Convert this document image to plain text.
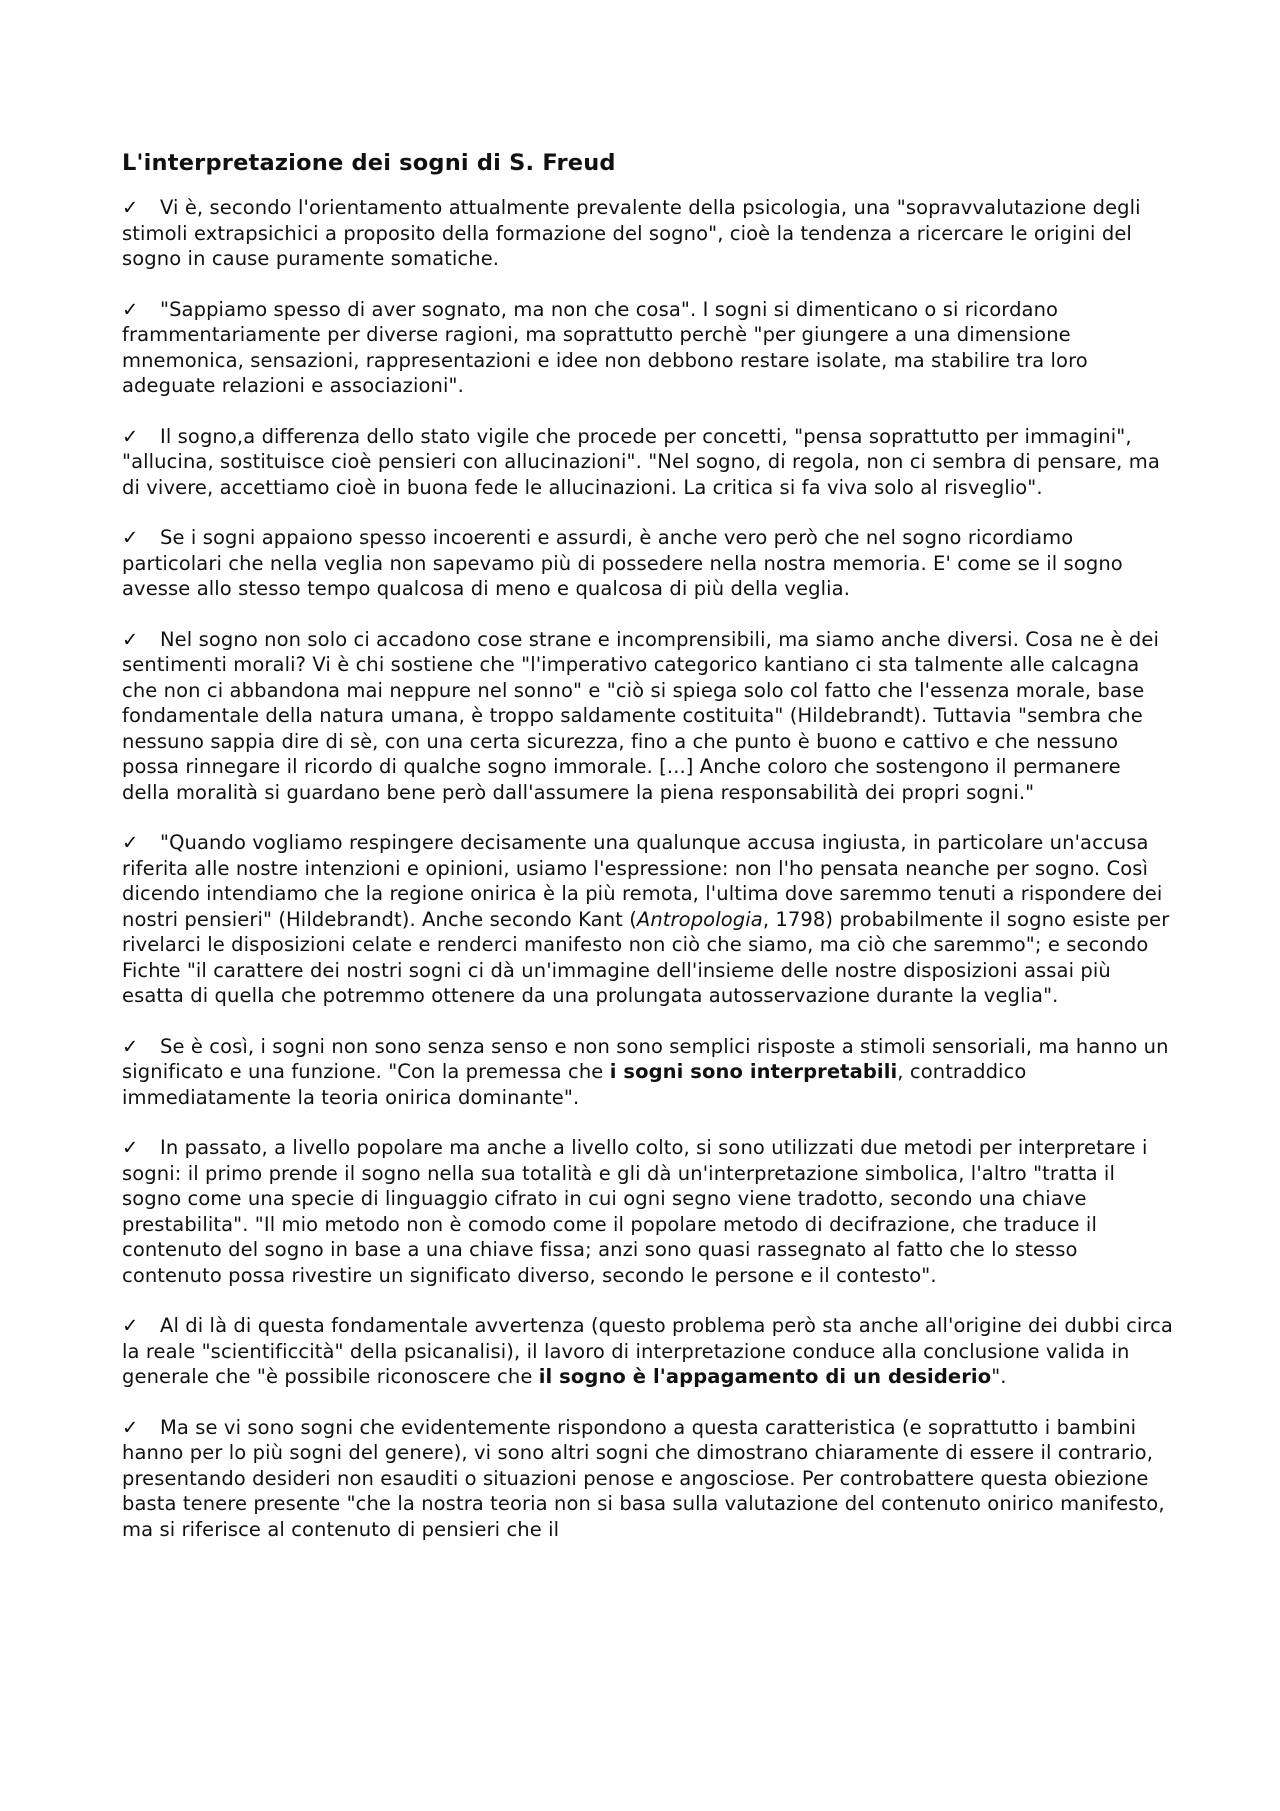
L'interpretazione dei sogni di S. Freud

✓Vi è, secondo l'orientamento attualmente prevalente della psicologia, una "sopravvalutazione degli stimoli extrapsichici a proposito della formazione del sogno", cioè la tendenza a ricercare le origini del sogno in cause puramente somatiche.

✓"Sappiamo spesso di aver sognato, ma non che cosa". I sogni si dimenticano o si ricordano frammentariamente per diverse ragioni, ma soprattutto perchè "per giungere a una dimensione mnemonica, sensazioni, rappresentazioni e idee non debbono restare isolate, ma stabilire tra loro adeguate relazioni e associazioni".

✓Il sogno,a differenza dello stato vigile che procede per concetti, "pensa soprattutto per immagini", "allucina, sostituisce cioè pensieri con allucinazioni". "Nel sogno, di regola, non ci sembra di pensare, ma di vivere, accettiamo cioè in buona fede le allucinazioni. La critica si fa viva solo al risveglio".

✓Se i sogni appaiono spesso incoerenti e assurdi, è anche vero però che nel sogno ricordiamo particolari che nella veglia non sapevamo più di possedere nella nostra memoria. E' come se il sogno avesse allo stesso tempo qualcosa di meno e qualcosa di più della veglia.

✓Nel sogno non solo ci accadono cose strane e incomprensibili, ma siamo anche diversi. Cosa ne è dei sentimenti morali? Vi è chi sostiene che "l'imperativo categorico kantiano ci sta talmente alle calcagna che non ci abbandona mai neppure nel sonno" e "ciò si spiega solo col fatto che l'essenza morale, base fondamentale della natura umana, è troppo saldamente costituita" (Hildebrandt). Tuttavia "sembra che nessuno sappia dire di sè, con una certa sicurezza, fino a che punto è buono e cattivo e che nessuno possa rinnegare il ricordo di qualche sogno immorale. [...] Anche coloro che sostengono il permanere della moralità si guardano bene però dall'assumere la piena responsabilità dei propri sogni."

✓"Quando vogliamo respingere decisamente una qualunque accusa ingiusta, in particolare un'accusa riferita alle nostre intenzioni e opinioni, usiamo l'espressione: non l'ho pensata neanche per sogno. Così dicendo intendiamo che la regione onirica è la più remota, l'ultima dove saremmo tenuti a rispondere dei nostri pensieri" (Hildebrandt). Anche secondo Kant (Antropologia, 1798) probabilmente il sogno esiste per rivelarci le disposizioni celate e renderci manifesto non ciò che siamo, ma ciò che saremmo"; e secondo Fichte "il carattere dei nostri sogni ci dà un'immagine dell'insieme delle nostre disposizioni assai più esatta di quella che potremmo ottenere da una prolungata autosservazione durante la veglia".

✓Se è così, i sogni non sono senza senso e non sono semplici risposte a stimoli sensoriali, ma hanno un significato e una funzione. "Con la premessa che i sogni sono interpretabili, contraddico immediatamente la teoria onirica dominante".

✓In passato, a livello popolare ma anche a livello colto, si sono utilizzati due metodi per interpretare i sogni: il primo prende il sogno nella sua totalità e gli dà un'interpretazione simbolica, l'altro "tratta il sogno come una specie di linguaggio cifrato in cui ogni segno viene tradotto, secondo una chiave prestabilita". "Il mio metodo non è comodo come il popolare metodo di decifrazione, che traduce il contenuto del sogno in base a una chiave fissa; anzi sono quasi rassegnato al fatto che lo stesso contenuto possa rivestire un significato diverso, secondo le persone e il contesto".

✓Al di là di questa fondamentale avvertenza (questo problema però sta anche all'origine dei dubbi circa la reale "scientificcità" della psicanalisi), il lavoro di interpretazione conduce alla conclusione valida in generale che "è possibile riconoscere che il sogno è l'appagamento di un desiderio".

✓Ma se vi sono sogni che evidentemente rispondono a questa caratteristica (e soprattutto i bambini hanno per lo più sogni del genere), vi sono altri sogni che dimostrano chiaramente di essere il contrario, presentando desideri non esauditi o situazioni penose e angosciose. Per controbattere questa obiezione basta tenere presente "che la nostra teoria non si basa sulla valutazione del contenuto onirico manifesto, ma si riferisce al contenuto di pensieri che il
